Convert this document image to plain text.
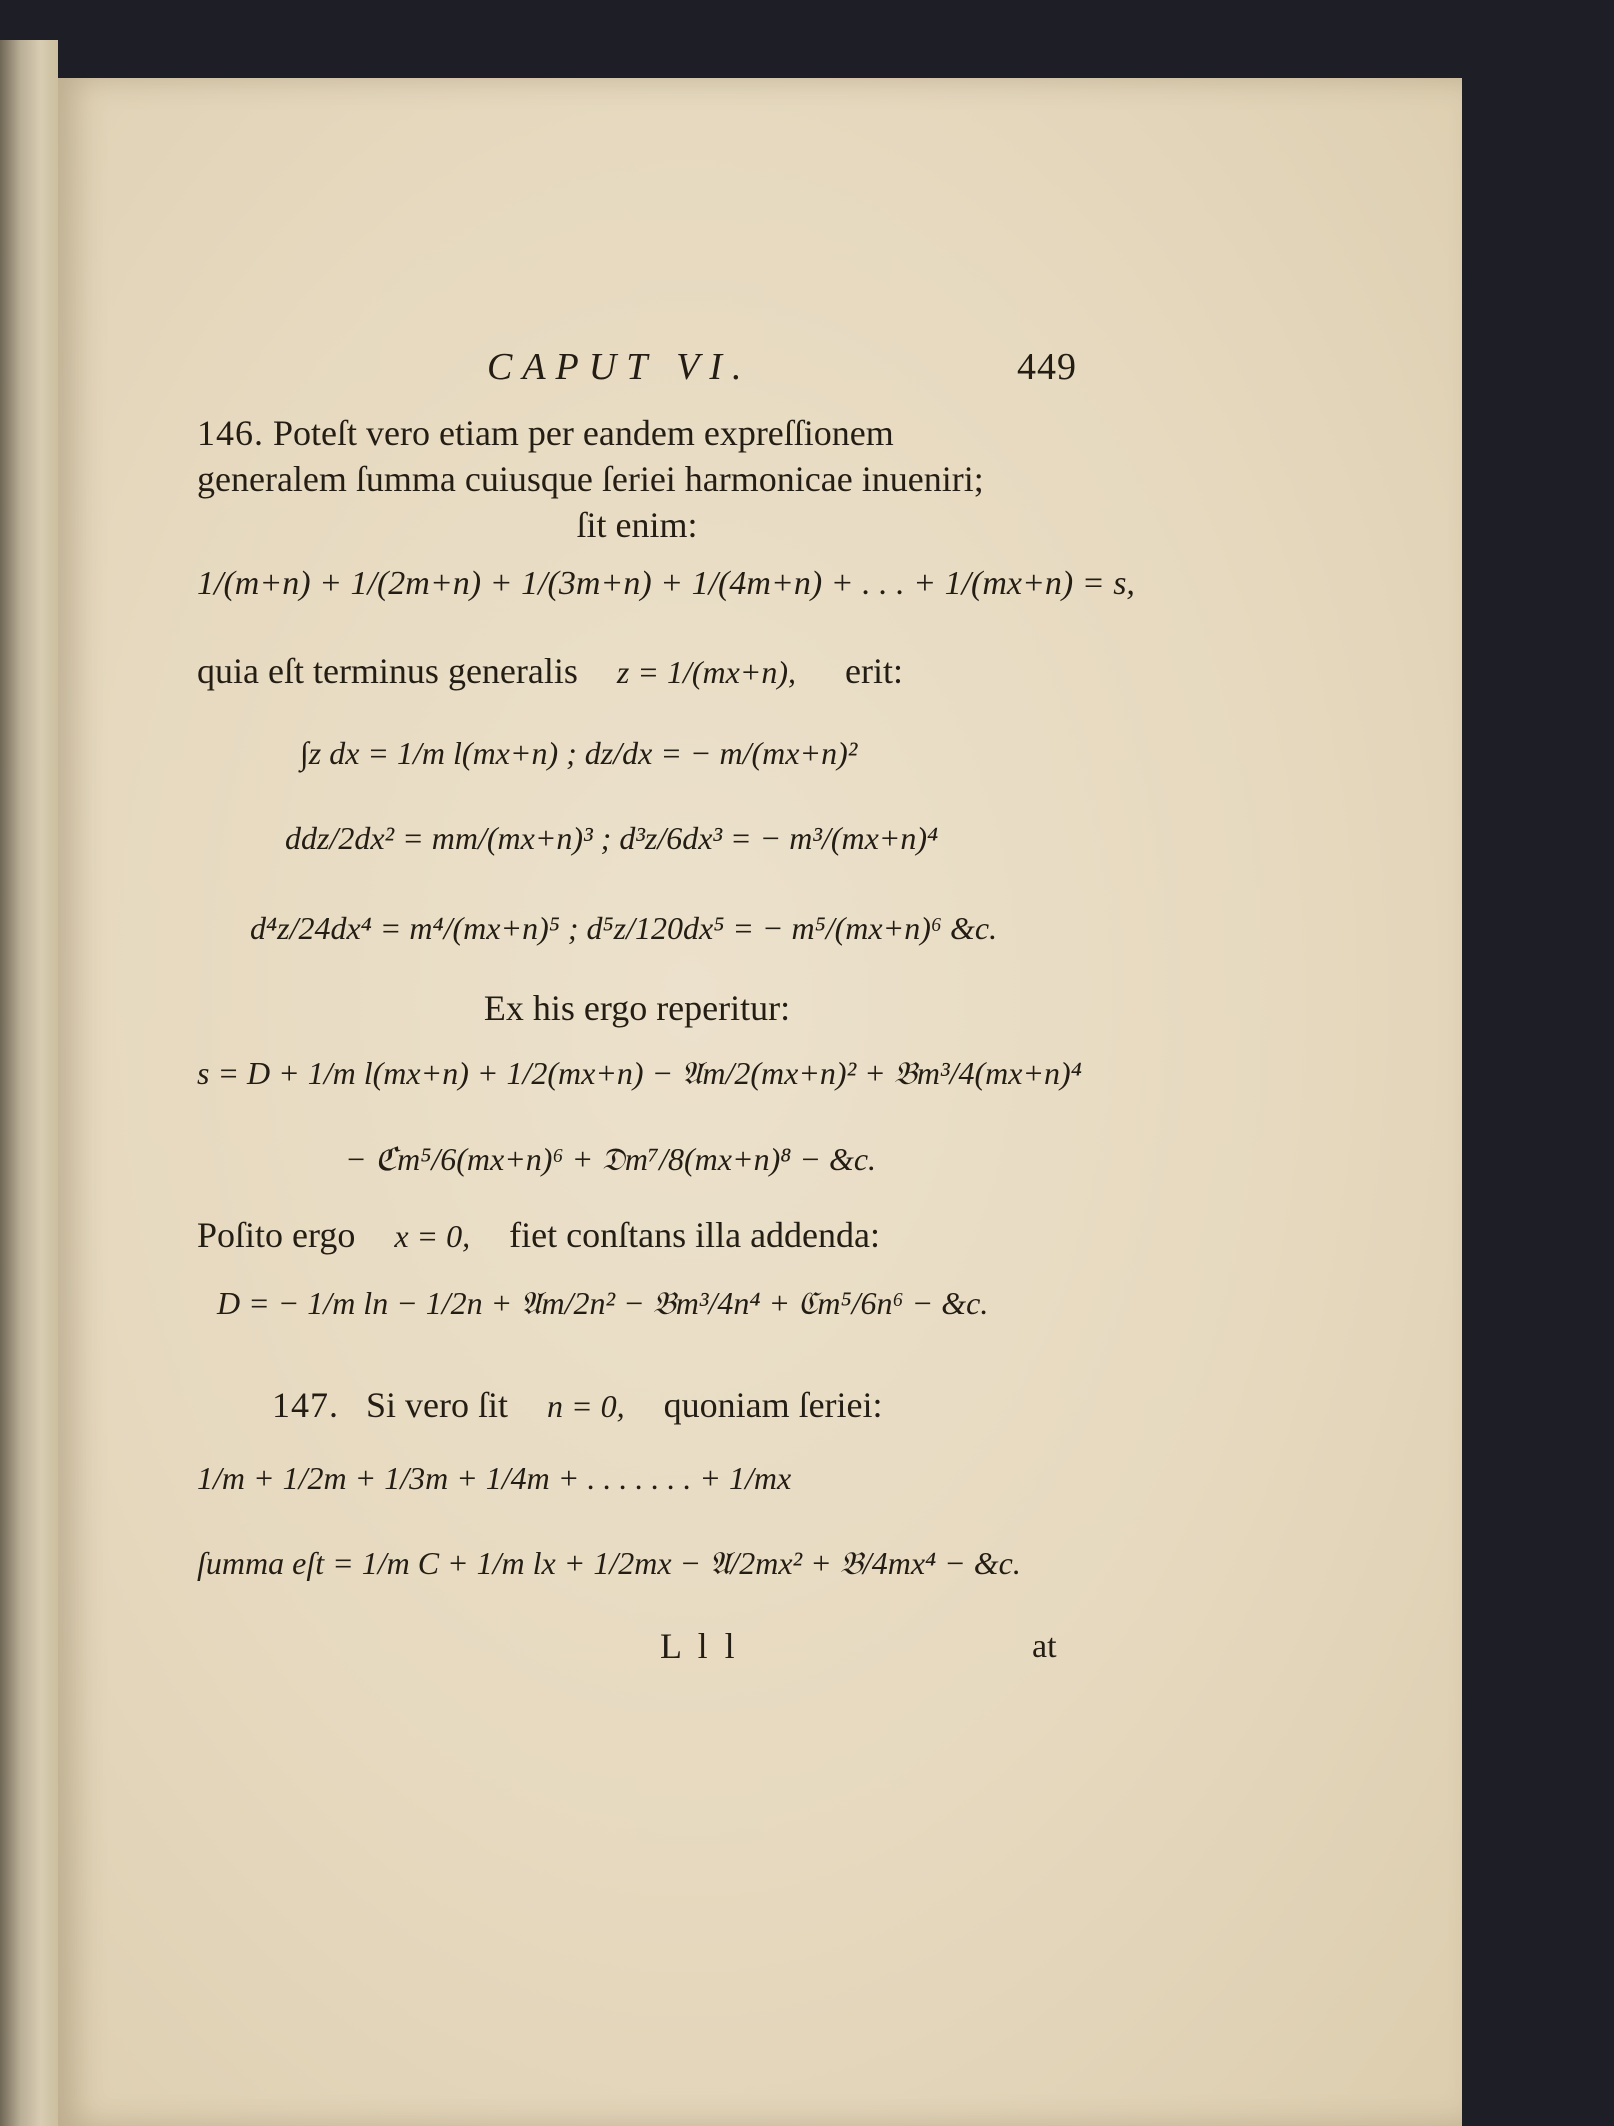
CAPUT VI.	449
146. Poteſt vero etiam per eandem expreſſionem
generalem ſumma cuiusque ſeriei harmonicae inueniri;
ſit enim:
1/(m+n) + 1/(2m+n) + 1/(3m+n) + 1/(4m+n) + . . . + 1/(mx+n) = s,
quia eſt terminus generalis z = 1/(mx+n), erit:
∫z dx = 1/m l(mx+n) ; dz/dx = − m/(mx+n)²
ddz/2dx² = mm/(mx+n)³ ; d³z/6dx³ = − m³/(mx+n)⁴
d⁴z/24dx⁴ = m⁴/(mx+n)⁵ ; d⁵z/120dx⁵ = − m⁵/(mx+n)⁶ &c.
Ex his ergo reperitur:
s = D + 1/m l(mx+n) + 1/2(mx+n) − 𝔄m/2(mx+n)² + 𝔅m³/4(mx+n)⁴
− ℭm⁵/6(mx+n)⁶ + 𝔇m⁷/8(mx+n)⁸ − &c.
Poſito ergo x = 0, fiet conſtans illa addenda:
D = − 1/m ln − 1/2n + 𝔄m/2n² − 𝔅m³/4n⁴ + ℭm⁵/6n⁶ − &c.
147. Si vero ſit n = 0, quoniam ſeriei:
1/m + 1/2m + 1/3m + 1/4m + . . . . . . . + 1/mx
ſumma eſt = 1/m C + 1/m lx + 1/2mx − 𝔄/2mx² + 𝔅/4mx⁴ − &c.
L l l	at
